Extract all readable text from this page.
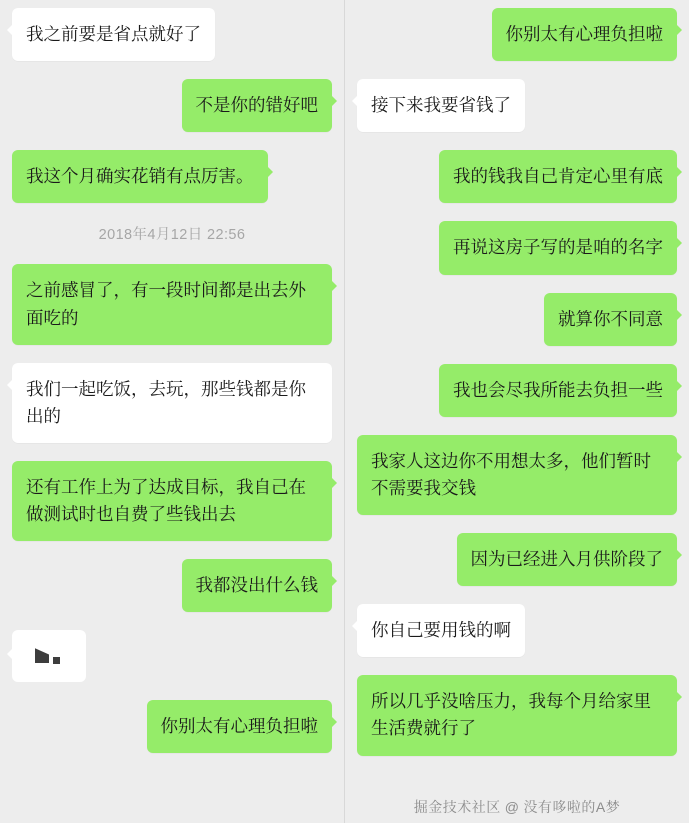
我之前要是省点就好了
不是你的错好吧
我这个月确实花销有点厉害。
2018年4月12日 22:56
之前感冒了，有一段时间都是出去外面吃的
我们一起吃饭，去玩，那些钱都是你出的
还有工作上为了达成目标，我自己在做测试时也自费了些钱出去
我都没出什么钱
你别太有心理负担啦
你别太有心理负担啦
接下来我要省钱了
我的钱我自己肯定心里有底
再说这房子写的是咱的名字
就算你不同意
我也会尽我所能去负担一些
我家人这边你不用想太多，他们暂时不需要我交钱
因为已经进入月供阶段了
你自己要用钱的啊
所以几乎没啥压力，我每个月给家里生活费就行了
掘金技术社区 @ 没有哆啦的A梦
